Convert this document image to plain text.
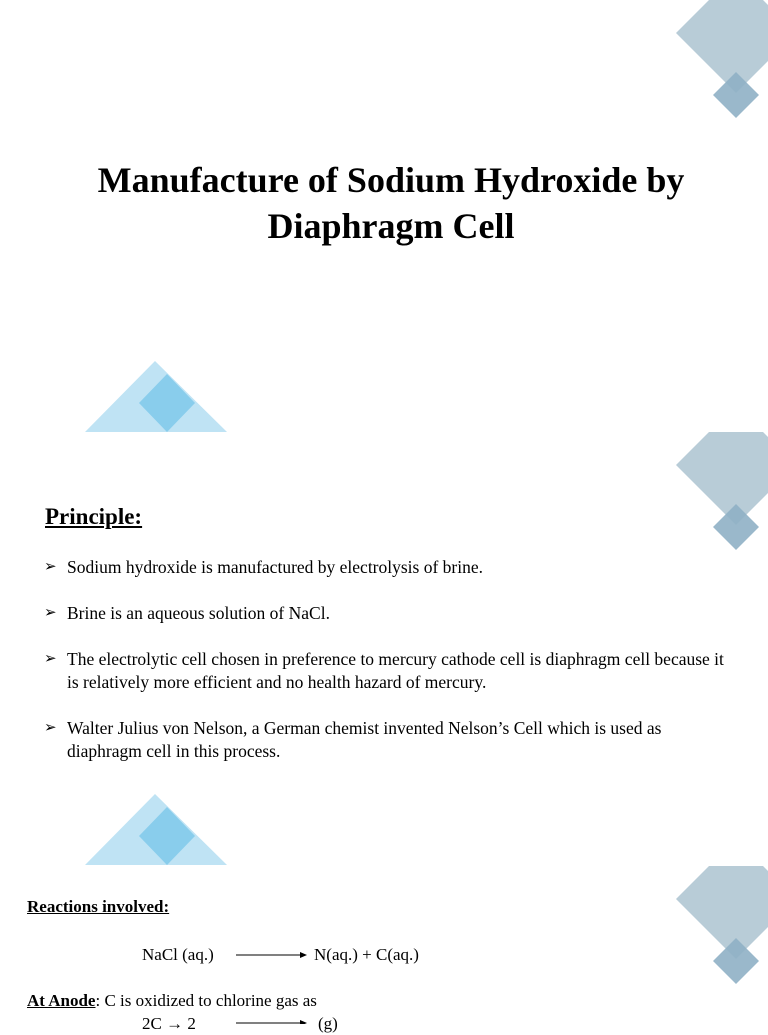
Manufacture of Sodium Hydroxide by Diaphragm Cell
Principle:
➢ Sodium hydroxide is manufactured by electrolysis of brine.
➢ Brine is an aqueous solution of NaCl.
➢ The electrolytic cell chosen in preference to mercury cathode cell is diaphragm cell because it is relatively more efficient and no health hazard of mercury.
➢ Walter Julius von Nelson, a German chemist invented Nelson’s Cell which is used as diaphragm cell in this process.
Reactions involved:
NaCl (aq.)	N(aq.) + C(aq.)
At Anode: C is oxidized to chlorine gas as
2C → 2	(g)
